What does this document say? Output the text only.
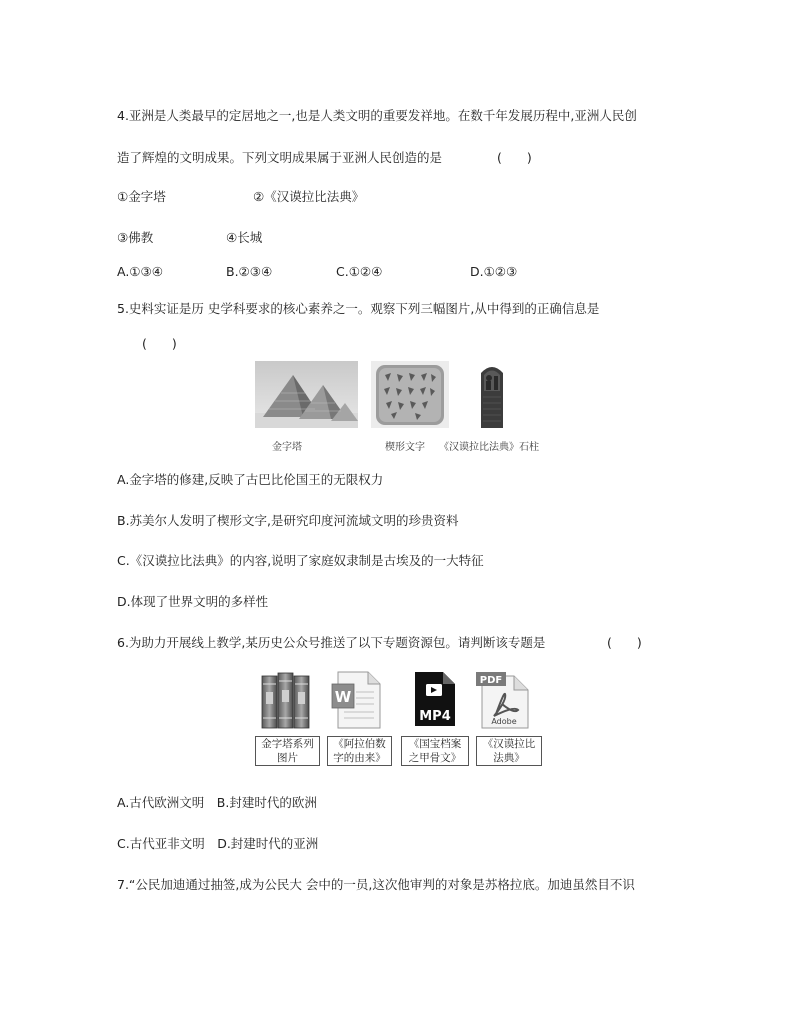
4.亚洲是人类最早的定居地之一,也是人类文明的重要发祥地。在数千年发展历程中,亚洲人民创
造了辉煌的文明成果。下列文明成果属于亚洲人民创造的是	(　　)
①金字塔	②《汉谟拉比法典》
③佛教	④长城
A.①③④	B.②③④	C.①②④	D.①②③
5.史料实证是历 史学科要求的核心素养之一。观察下列三幅图片,从中得到的正确信息是
(　　)
金字塔	楔形文字 《汉谟拉比法典》石柱
A.金字塔的修建,反映了古巴比伦国王的无限权力
B.苏美尔人发明了楔形文字,是研究印度河流域文明的珍贵资料
C.《汉谟拉比法典》的内容,说明了家庭奴隶制是古埃及的一大特征
D.体现了世界文明的多样性
6.为助力开展线上教学,某历史公众号推送了以下专题资源包。请判断该专题是	(　　)
W
MP4
PDF
Adobe
金字塔系列
图片
《阿拉伯数
字的由来》
《国宝档案
之甲骨文》
《汉谟拉比
法典》
A.古代欧洲文明　B.封建时代的欧洲
C.古代亚非文明　D.封建时代的亚洲
7.“公民加迪通过抽签,成为公民大 会中的一员,这次他审判的对象是苏格拉底。加迪虽然目不识
